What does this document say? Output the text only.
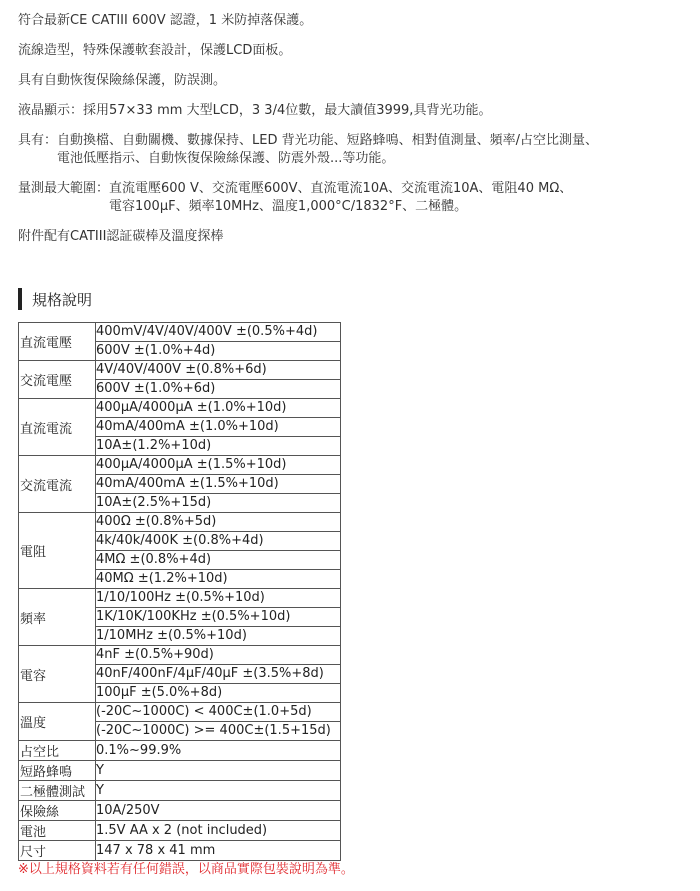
符合最新CE CATIII 600V 認證，1 米防掉落保護。
流線造型，特殊保護軟套設計，保護LCD面板。
具有自動恢復保險絲保護，防誤測。
液晶顯示：採用57×33 mm 大型LCD，3 3/4位數，最大讀值3999,具背光功能。
具有： 自動換檔、自動關機、數據保持、LED 背光功能、短路蜂鳴、相對值測量、頻率/占空比測量、
電池低壓指示、自動恢復保險絲保護、防震外殼...等功能。
量測最大範圍： 直流電壓600 V、交流電壓600V、直流電流10A、交流電流10A、電阻40 MΩ、
電容100μF、頻率10MHz、溫度1,000°C/1832°F、二極體。
附件配有CATIII認証碳棒及溫度探棒
規格說明
直流電壓	400mV/4V/40V/400V ±(0.5%+4d)
600V ±(1.0%+4d)

交流電壓	4V/40V/400V ±(0.8%+6d)
600V ±(1.0%+6d)

直流電流	400μA/4000μA ±(1.0%+10d)
40mA/400mA ±(1.0%+10d)
10A±(1.2%+10d)

交流電流	400μA/4000μA ±(1.5%+10d)
40mA/400mA ±(1.5%+10d)
10A±(2.5%+15d)

電阻	400Ω ±(0.8%+5d)
4k/40k/400K ±(0.8%+4d)
4MΩ ±(0.8%+4d)
40MΩ ±(1.2%+10d)

頻率	1/10/100Hz ±(0.5%+10d)
1K/10K/100KHz ±(0.5%+10d)
1/10MHz ±(0.5%+10d)

電容	4nF ±(0.5%+90d)
40nF/400nF/4μF/40μF ±(3.5%+8d)
100μF ±(5.0%+8d)

溫度	(-20C~1000C) < 400C±(1.0+5d)
(-20C~1000C) >= 400C±(1.5+15d)

占空比	0.1%~99.9%

短路蜂鳴	Y

二極體測試	Y

保險絲	10A/250V

電池	1.5V AA x 2 (not included)

尺寸	147 x 78 x 41 mm
※以上規格資料若有任何錯誤，以商品實際包裝說明為準。
